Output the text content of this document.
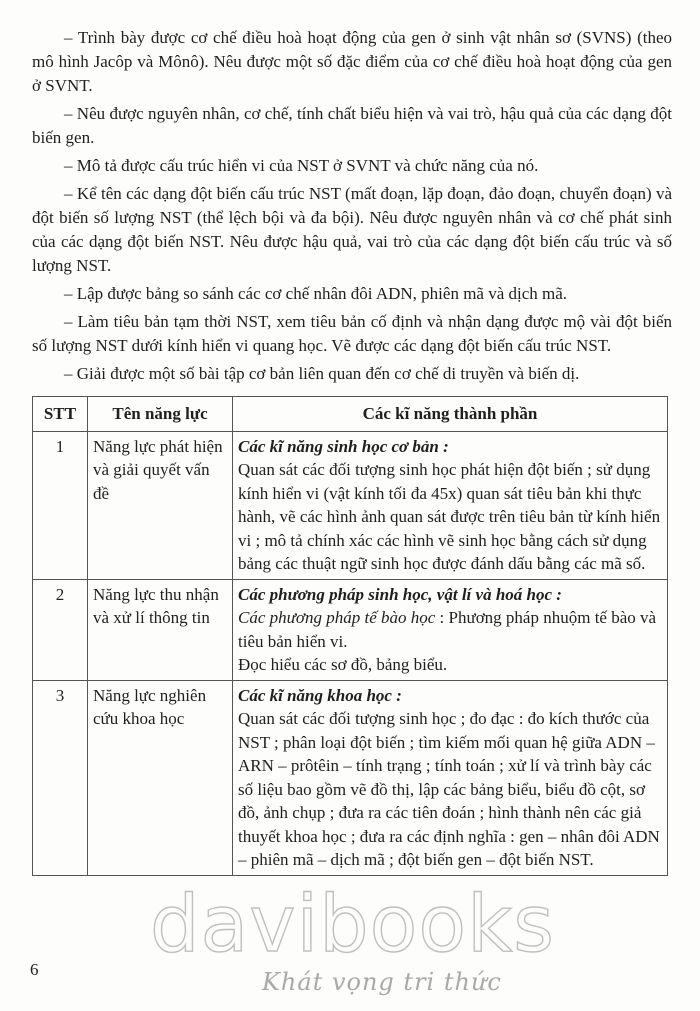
– Trình bày được cơ chế điều hoà hoạt động của gen ở sinh vật nhân sơ (SVNS) (theo mô hình Jacôp và Mônô). Nêu được một số đặc điểm của cơ chế điều hoà hoạt động của gen ở SVNT.

– Nêu được nguyên nhân, cơ chế, tính chất biểu hiện và vai trò, hậu quả của các dạng đột biến gen.

– Mô tả được cấu trúc hiển vi của NST ở SVNT và chức năng của nó.

– Kể tên các dạng đột biến cấu trúc NST (mất đoạn, lặp đoạn, đảo đoạn, chuyển đoạn) và đột biến số lượng NST (thể lệch bội và đa bội). Nêu được nguyên nhân và cơ chế phát sinh của các dạng đột biến NST. Nêu được hậu quả, vai trò của các dạng đột biến cấu trúc và số lượng NST.

– Lập được bảng so sánh các cơ chế nhân đôi ADN, phiên mã và dịch mã.

– Làm tiêu bản tạm thời NST, xem tiêu bản cố định và nhận dạng được mộ vài đột biến số lượng NST dưới kính hiển vi quang học. Vẽ được các dạng đột biến cấu trúc NST.

– Giải được một số bài tập cơ bản liên quan đến cơ chế di truyền và biến dị.

STT	Tên năng lực	Các kĩ năng thành phần
1	Năng lực phát hiện và giải quyết vấn đề	Các kĩ năng sinh học cơ bản :
Quan sát các đối tượng sinh học phát hiện đột biến ; sử dụng kính hiển vi (vật kính tối đa 45x) quan sát tiêu bản khi thực hành, vẽ các hình ảnh quan sát được trên tiêu bản từ kính hiển vi ; mô tả chính xác các hình vẽ sinh học bằng cách sử dụng bảng các thuật ngữ sinh học được đánh dấu bằng các mã số.
2	Năng lực thu nhận và xử lí thông tin	Các phương pháp sinh học, vật lí và hoá học :
Các phương pháp tế bào học : Phương pháp nhuộm tế bào và tiêu bản hiển vi.
Đọc hiểu các sơ đồ, bảng biểu.

3	Năng lực nghiên cứu khoa học	Các kĩ năng khoa học :
Quan sát các đối tượng sinh học ; đo đạc : đo kích thước của NST ; phân loại đột biến ; tìm kiếm mối quan hệ giữa ADN – ARN – prôtêin – tính trạng ; tính toán ; xử lí và trình bày các số liệu bao gồm vẽ đồ thị, lập các bảng biểu, biểu đồ cột, sơ đồ, ảnh chụp ; đưa ra các tiên đoán ; hình thành nên các giả thuyết khoa học ; đưa ra các định nghĩa : gen – nhân đôi ADN – phiên mã – dịch mã ; đột biến gen – đột biến NST.
davibooks
6	Khát vọng tri thức
